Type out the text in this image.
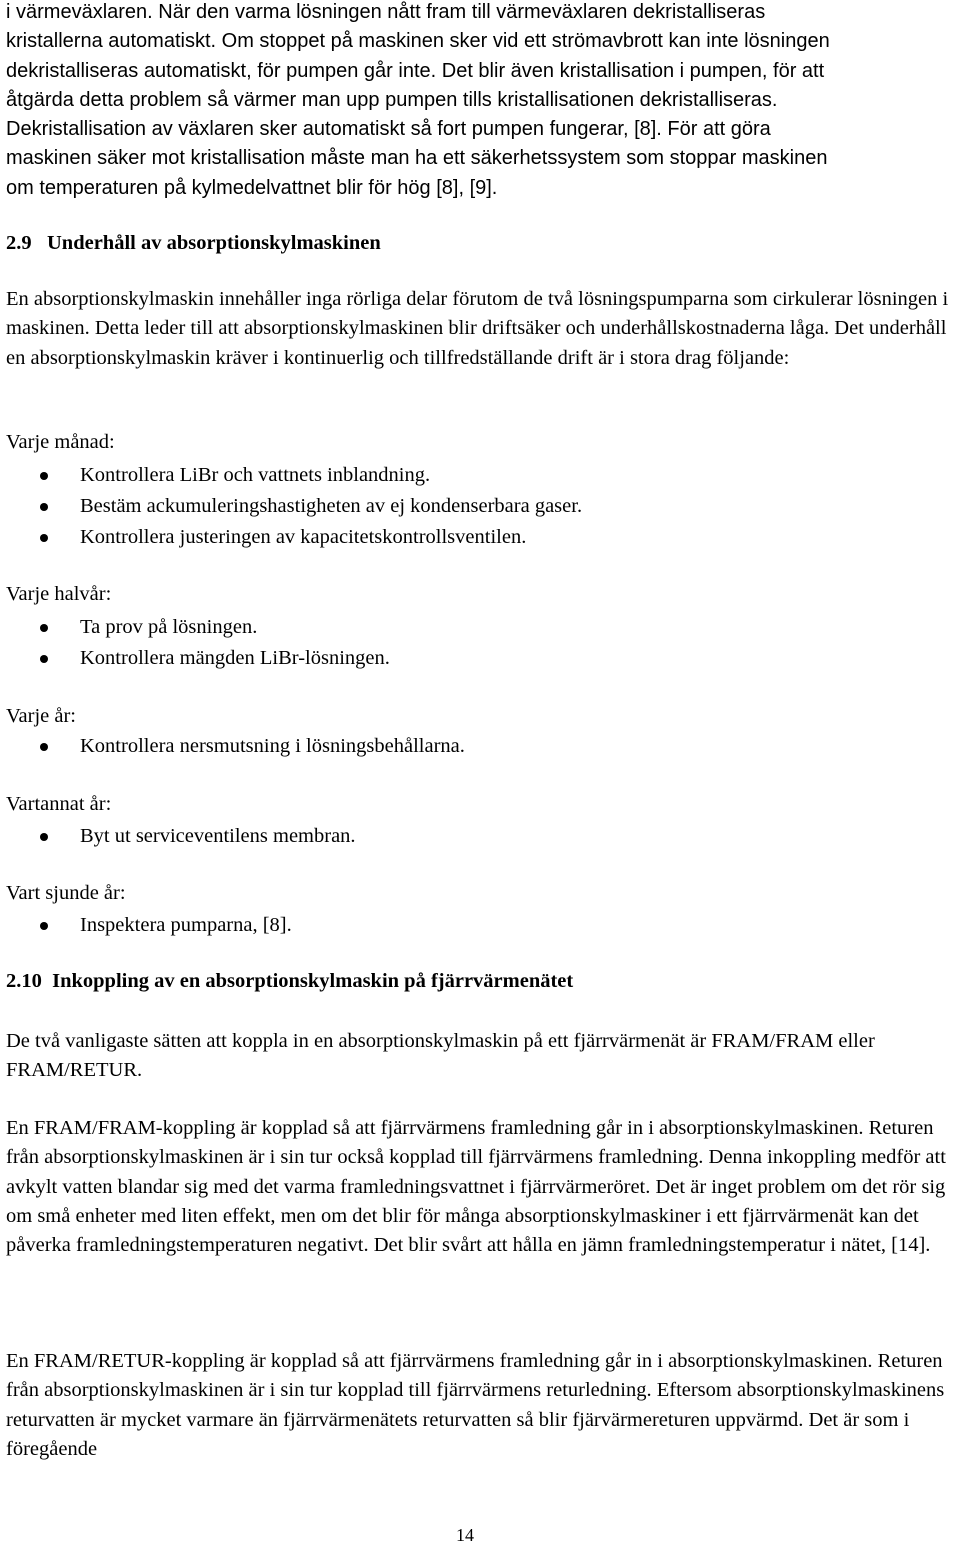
i värmeväxlaren. När den varma lösningen nått fram till värmeväxlaren dekristalliseras
kristallerna automatiskt. Om stoppet på maskinen sker vid ett strömavbrott kan inte lösningen
dekristalliseras automatiskt, för pumpen går inte. Det blir även kristallisation i pumpen, för att
åtgärda detta problem så värmer man upp pumpen tills kristallisationen dekristalliseras.
Dekristallisation av växlaren sker automatiskt så fort pumpen fungerar, [8]. För att göra
maskinen säker mot kristallisation måste man ha ett säkerhetssystem som stoppar maskinen
om temperaturen på kylmedelvattnet blir för hög [8], [9].
2.9 Underhåll av absorptionskylmaskinen

En absorptionskylmaskin innehåller inga rörliga delar förutom de två lösningspumparna som cirkulerar lösningen i maskinen. Detta leder till att absorptionskylmaskinen blir driftsäker och underhållskostnaderna låga. Det underhåll en absorptionskylmaskin kräver i kontinuerlig och tillfredställande drift är i stora drag följande:

Varje månad:
Kontrollera LiBr och vattnets inblandning.
Bestäm ackumuleringshastigheten av ej kondenserbara gaser.
Kontrollera justeringen av kapacitetskontrollsventilen.
Varje halvår:
Ta prov på lösningen.
Kontrollera mängden LiBr-lösningen.
Varje år:
Kontrollera nersmutsning i lösningsbehållarna.
Vartannat år:
Byt ut serviceventilens membran.
Vart sjunde år:
Inspektera pumparna, [8].
2.10 Inkoppling av en absorptionskylmaskin på fjärrvärmenätet

De två vanligaste sätten att koppla in en absorptionskylmaskin på ett fjärrvärmenät är FRAM/FRAM eller FRAM/RETUR.

En FRAM/FRAM-koppling är kopplad så att fjärrvärmens framledning går in i absorptionskylmaskinen. Returen från absorptionskylmaskinen är i sin tur också kopplad till fjärrvärmens framledning. Denna inkoppling medför att avkylt vatten blandar sig med det varma framledningsvattnet i fjärrvärmeröret. Det är inget problem om det rör sig om små enheter med liten effekt, men om det blir för många absorptionskylmaskiner i ett fjärrvärmenät kan det påverka framledningstemperaturen negativt. Det blir svårt att hålla en jämn framledningstemperatur i nätet, [14].

En FRAM/RETUR-koppling är kopplad så att fjärrvärmens framledning går in i absorptionskylmaskinen. Returen från absorptionskylmaskinen är i sin tur kopplad till fjärrvärmens returledning. Eftersom absorptionskylmaskinens returvatten är mycket varmare än fjärrvärmenätets returvatten så blir fjärvärmereturen uppvärmd. Det är som i föregående

14
